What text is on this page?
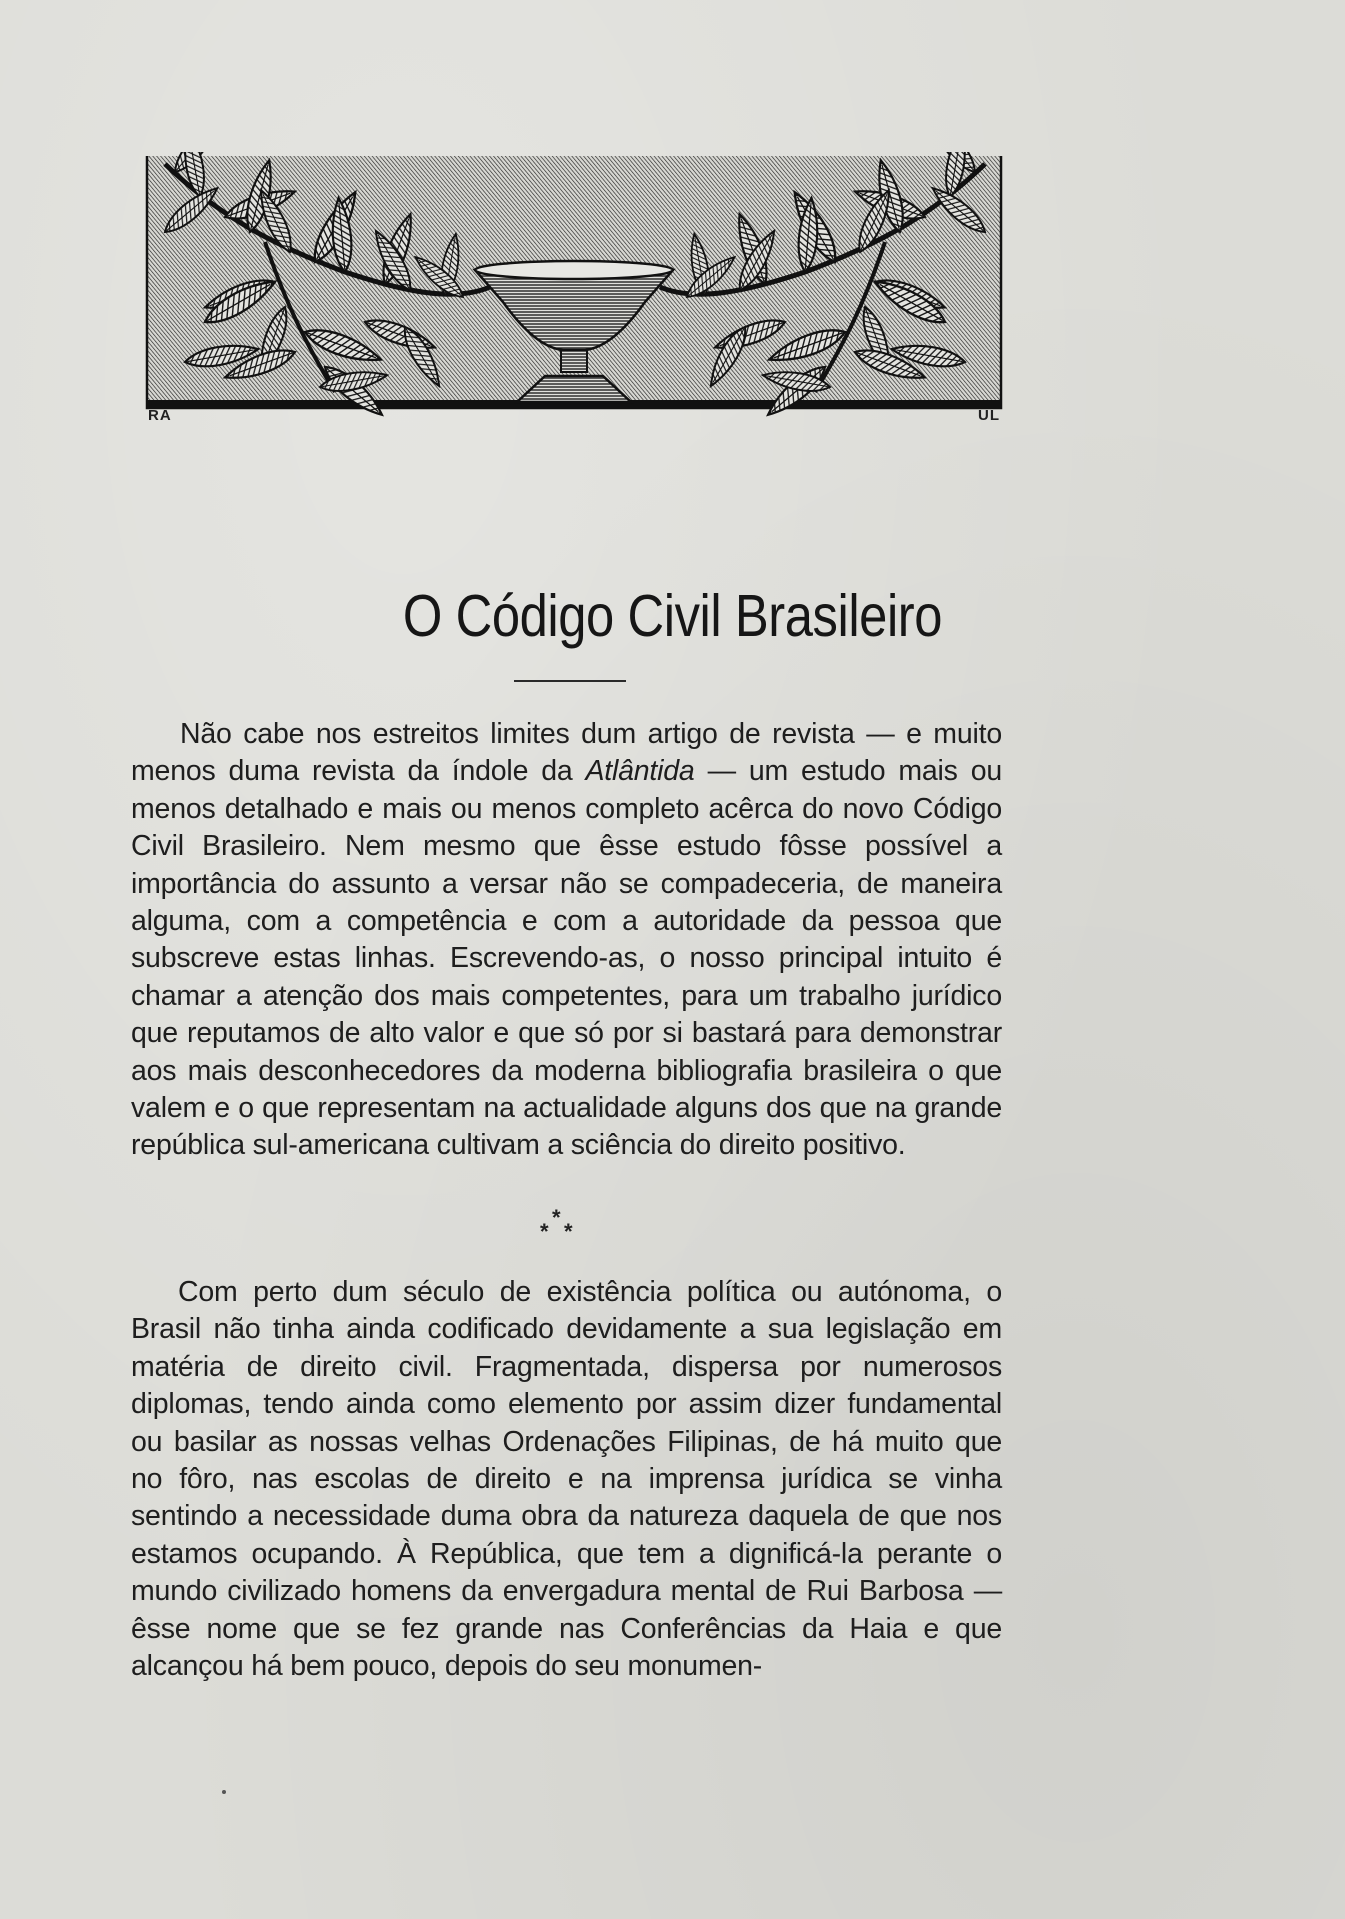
RA	UL
O Código Civil Brasileiro

Não cabe nos estreitos limites dum artigo de revista — e muito menos duma revista da índole da Atlântida — um estudo mais ou menos detalhado e mais ou menos completo acêrca do novo Código Civil Brasileiro. Nem mesmo que êsse estudo fôsse possível a importância do assunto a versar não se compadeceria, de maneira alguma, com a competência e com a autoridade da pessoa que subscreve estas linhas. Escrevendo-as, o nosso principal intuito é chamar a atenção dos mais competentes, para um trabalho jurídico que reputamos de alto valor e que só por si bastará para demonstrar aos mais desconhecedores da moderna bibliografia brasileira o que valem e o que representam na actualidade alguns dos que na grande república sul-americana cultivam a sciência do direito positivo.

*
* *

Com perto dum século de existência política ou autónoma, o Brasil não tinha ainda codificado devidamente a sua legislação em matéria de direito civil. Fragmentada, dispersa por numerosos diplomas, tendo ainda como elemento por assim dizer fundamental ou basilar as nossas velhas Ordenações Filipinas, de há muito que no fôro, nas escolas de direito e na imprensa jurídica se vinha sentindo a necessidade duma obra da natureza daquela de que nos estamos ocupando. À República, que tem a dignificá-la perante o mundo civilizado homens da envergadura mental de Rui Barbosa — êsse nome que se fez grande nas Conferências da Haia e que alcançou há bem pouco, depois do seu monumen-
